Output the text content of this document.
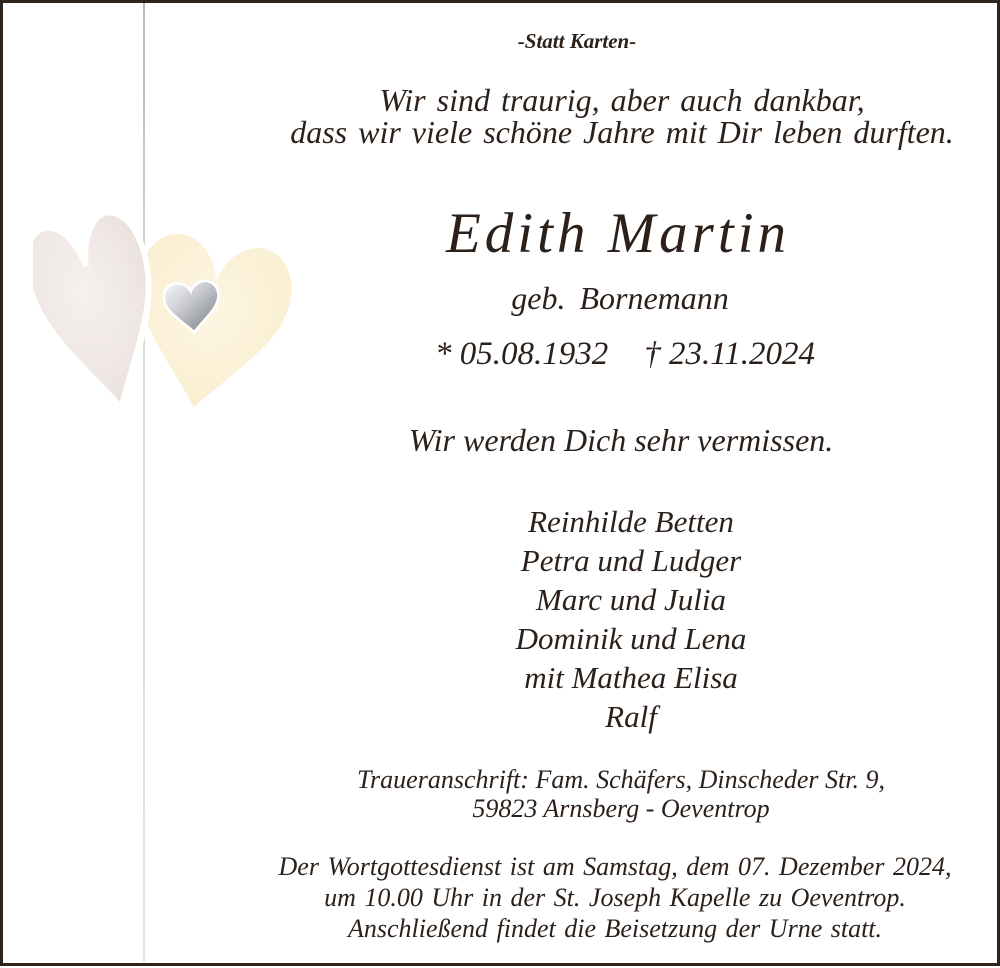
-Statt Karten-
Wir sind traurig, aber auch dankbar,
dass wir viele schöne Jahre mit Dir leben durften.
Edith Martin
geb. Bornemann
* 05.08.1932 † 23.11.2024
Wir werden Dich sehr vermissen.
Reinhilde Betten
Petra und Ludger
Marc und Julia
Dominik und Lena
mit Mathea Elisa
Ralf
Traueranschrift: Fam. Schäfers, Dinscheder Str. 9,
59823 Arnsberg - Oeventrop
Der Wortgottesdienst ist am Samstag, dem 07. Dezember 2024,
um 10.00 Uhr in der St. Joseph Kapelle zu Oeventrop.
Anschließend findet die Beisetzung der Urne statt.
